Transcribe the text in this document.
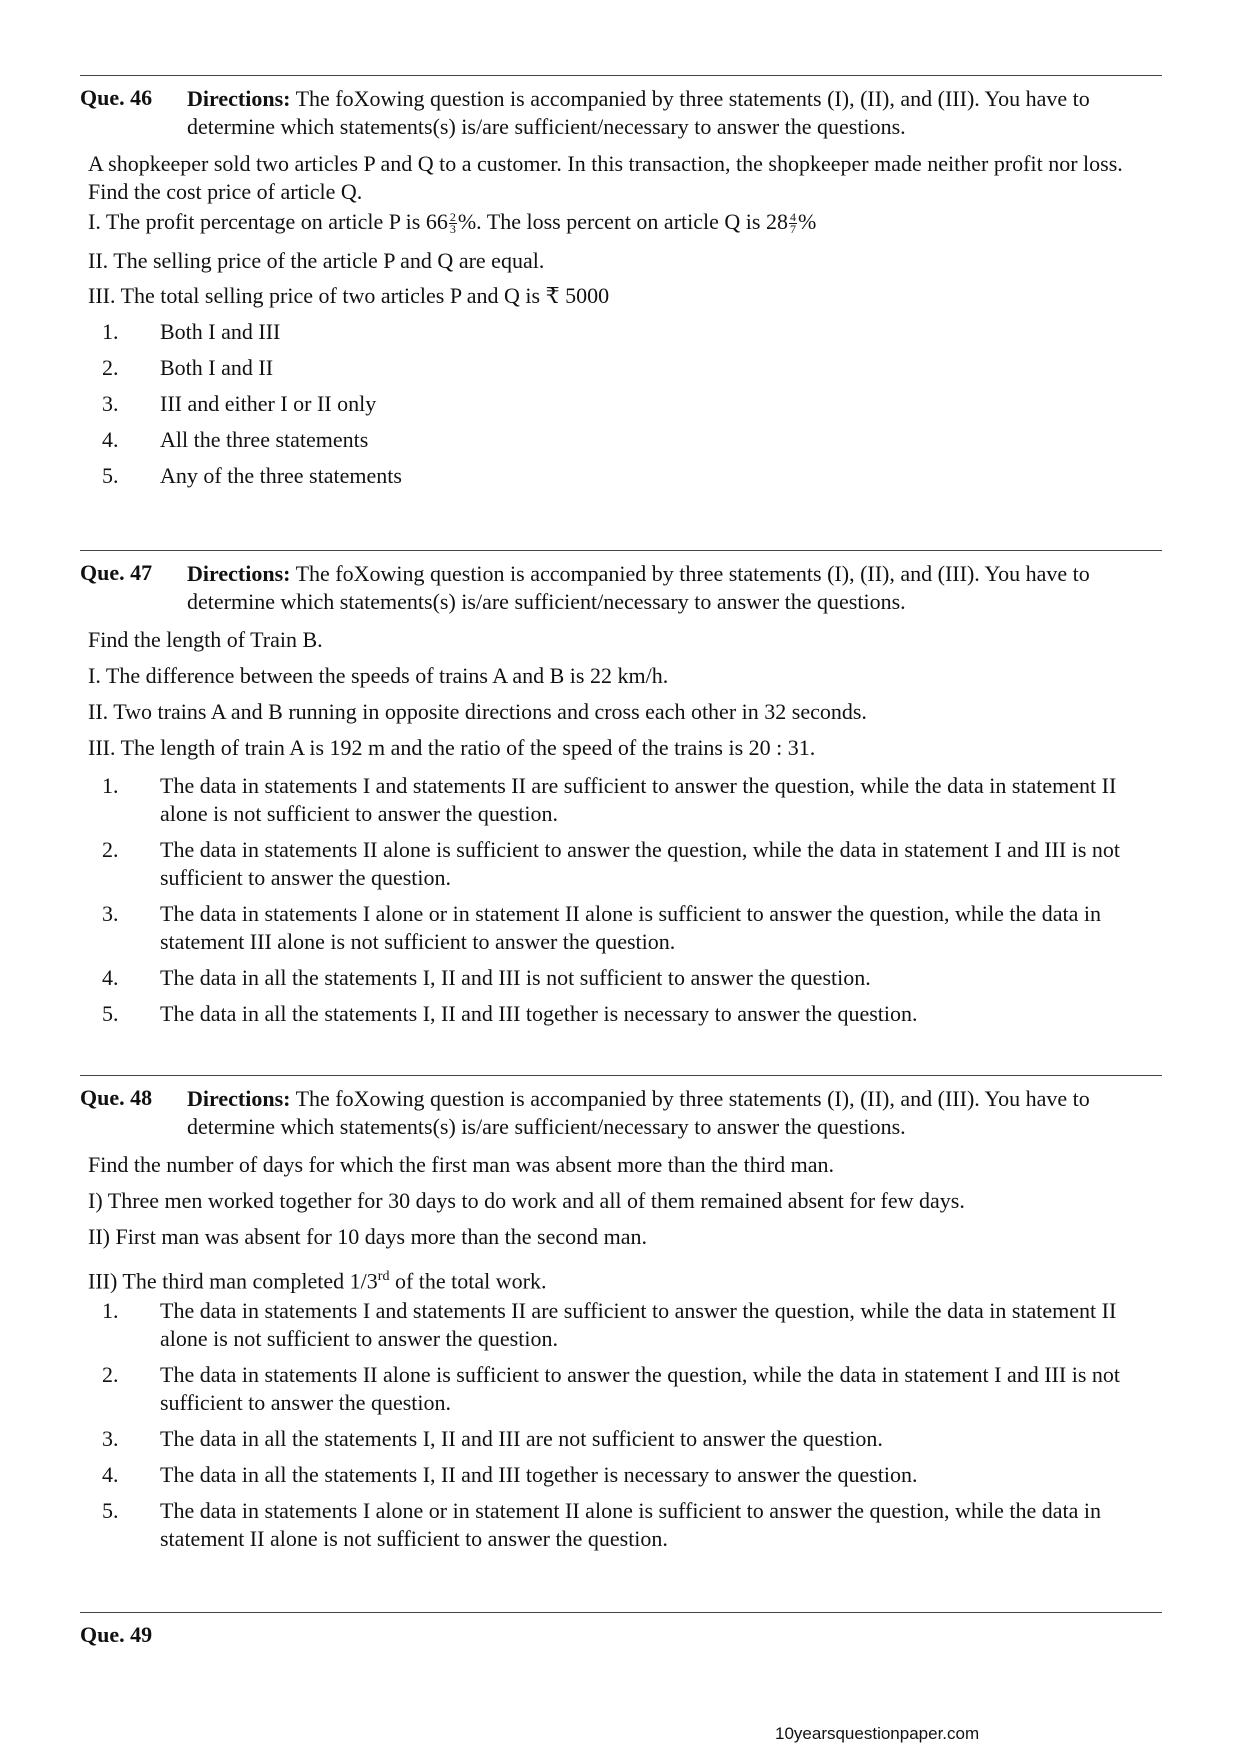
Que. 46 Directions: The foXowing question is accompanied by three statements (I), (II), and (III). You have to determine which statements(s) is/are sufficient/necessary to answer the questions.
A shopkeeper sold two articles P and Q to a customer. In this transaction, the shopkeeper made neither profit nor loss. Find the cost price of article Q.
I. The profit percentage on article P is $66 \frac{2}{3}$ %. The loss percent on article Q is $28 \frac{4}{7}$ %
II. The selling price of the article P and Q are equal.
III. The total selling price of two articles P and Q is ₹ 5000
1.	Both I and III
2.	Both I and II
3.	III and either I or II only
4.	All the three statements
5.	Any of the three statements
Que. 47 Directions: The foXowing question is accompanied by three statements (I), (II), and (III). You have to determine which statements(s) is/are sufficient/necessary to answer the questions.
Find the length of Train B.
I. The difference between the speeds of trains A and B is 22 km/h.
II. Two trains A and B running in opposite directions and cross each other in 32 seconds.
III. The length of train A is 192 m and the ratio of the speed of the trains is 20 : 31.
1.	The data in statements I and statements II are sufficient to answer the question, while the data in statement II alone is not sufficient to answer the question.
2.	The data in statements II alone is sufficient to answer the question, while the data in statement I and III is not sufficient to answer the question.
3.	The data in statements I alone or in statement II alone is sufficient to answer the question, while the data in statement III alone is not sufficient to answer the question.
4.	The data in all the statements I, II and III is not sufficient to answer the question.
5.	The data in all the statements I, II and III together is necessary to answer the question.
Que. 48 Directions: The foXowing question is accompanied by three statements (I), (II), and (III). You have to determine which statements(s) is/are sufficient/necessary to answer the questions.
Find the number of days for which the first man was absent more than the third man.
I) Three men worked together for 30 days to do work and all of them remained absent for few days.
II) First man was absent for 10 days more than the second man.
III) The third man completed 1/3rd of the total work.
1.	The data in statements I and statements II are sufficient to answer the question, while the data in statement II alone is not sufficient to answer the question.
2.	The data in statements II alone is sufficient to answer the question, while the data in statement I and III is not sufficient to answer the question.
3.	The data in all the statements I, II and III are not sufficient to answer the question.
4.	The data in all the statements I, II and III together is necessary to answer the question.
5.	The data in statements I alone or in statement II alone is sufficient to answer the question, while the data in statement II alone is not sufficient to answer the question.
Que. 49
10yearsquestionpaper.com
